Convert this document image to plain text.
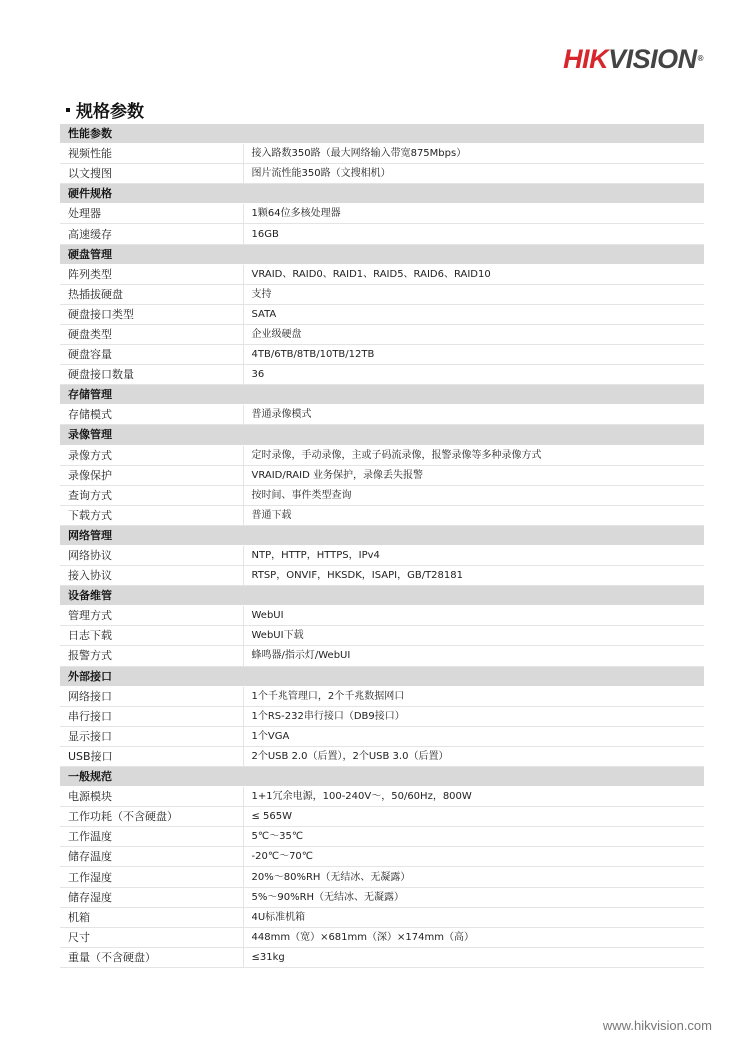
HIKVISION®
规格参数
性能参数	
视频性能	接入路数350路（最大网络输入带宽875Mbps）
以文搜图	图片流性能350路（文搜相机）
硬件规格	
处理器	1颗64位多核处理器
高速缓存	16GB
硬盘管理	
阵列类型	VRAID、RAID0、RAID1、RAID5、RAID6、RAID10
热插拔硬盘	支持
硬盘接口类型	SATA
硬盘类型	企业级硬盘
硬盘容量	4TB/6TB/8TB/10TB/12TB
硬盘接口数量	36
存储管理	
存储模式	普通录像模式
录像管理	
录像方式	定时录像，手动录像，主或子码流录像，报警录像等多种录像方式
录像保护	VRAID/RAID 业务保护，录像丢失报警
查询方式	按时间、事件类型查询
下载方式	普通下载
网络管理	
网络协议	NTP，HTTP，HTTPS，IPv4
接入协议	RTSP，ONVIF，HKSDK，ISAPI，GB/T28181
设备维管	
管理方式	WebUI
日志下载	WebUI下载
报警方式	蜂鸣器/指示灯/WebUI
外部接口	
网络接口	1个千兆管理口，2个千兆数据网口
串行接口	1个RS-232串行接口（DB9接口）
显示接口	1个VGA
USB接口	2个USB 2.0（后置），2个USB 3.0（后置）
一般规范	
电源模块	1+1冗余电源，100-240V～，50/60Hz，800W
工作功耗（不含硬盘）	≤ 565W
工作温度	5℃～35℃
储存温度	-20℃～70℃
工作湿度	20%～80%RH（无结冰、无凝露）
储存湿度	5%～90%RH（无结冰、无凝露）
机箱	4U标准机箱
尺寸	448mm（宽）×681mm（深）×174mm（高）
重量（不含硬盘）	≤31kg
www.hikvision.com
